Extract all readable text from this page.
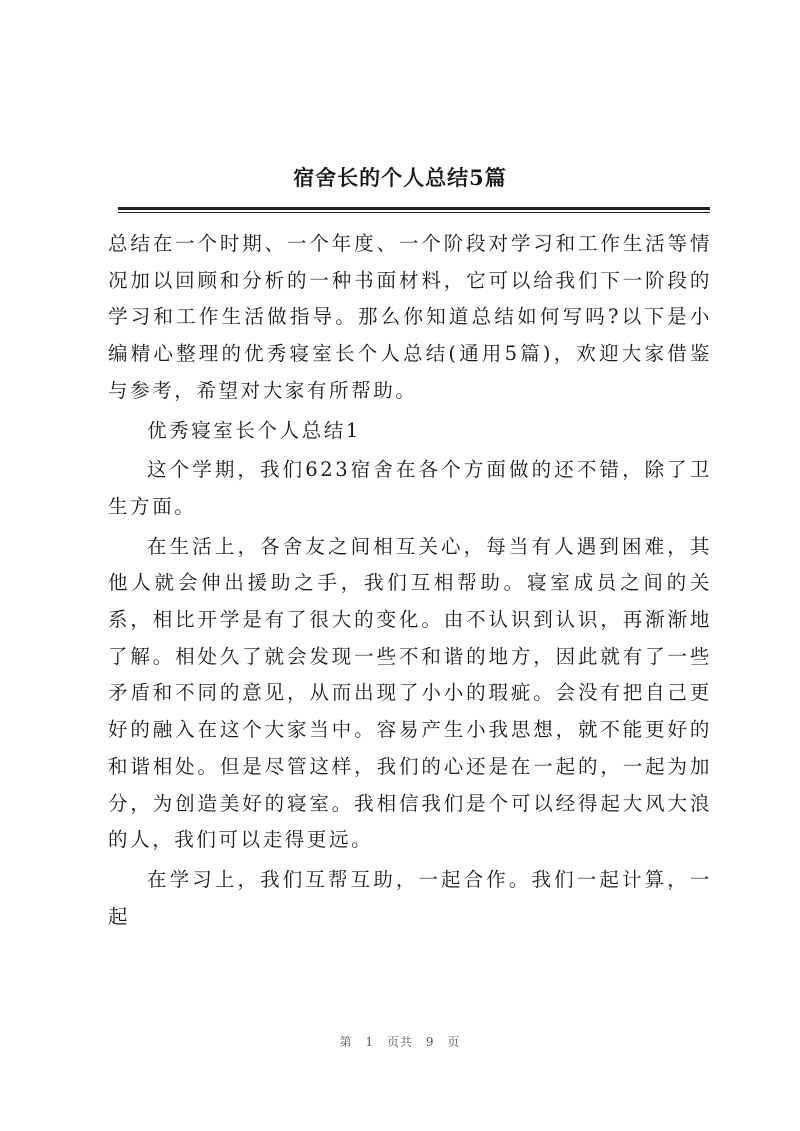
宿舍长的个人总结5篇

总结在一个时期、一个年度、一个阶段对学习和工作生活等情况加以回顾和分析的一种书面材料，它可以给我们下一阶段的学习和工作生活做指导。那么你知道总结如何写吗?以下是小编精心整理的优秀寝室长个人总结(通用5篇)，欢迎大家借鉴与参考，希望对大家有所帮助。

优秀寝室长个人总结1

这个学期，我们623宿舍在各个方面做的还不错，除了卫生方面。

在生活上，各舍友之间相互关心，每当有人遇到困难，其他人就会伸出援助之手，我们互相帮助。寝室成员之间的关系，相比开学是有了很大的变化。由不认识到认识，再渐渐地了解。相处久了就会发现一些不和谐的地方，因此就有了一些矛盾和不同的意见，从而出现了小小的瑕疵。会没有把自己更好的融入在这个大家当中。容易产生小我思想，就不能更好的和谐相处。但是尽管这样，我们的心还是在一起的，一起为加分，为创造美好的寝室。我相信我们是个可以经得起大风大浪的人，我们可以走得更远。

在学习上，我们互帮互助，一起合作。我们一起计算，一起

第 1 页共 9 页
